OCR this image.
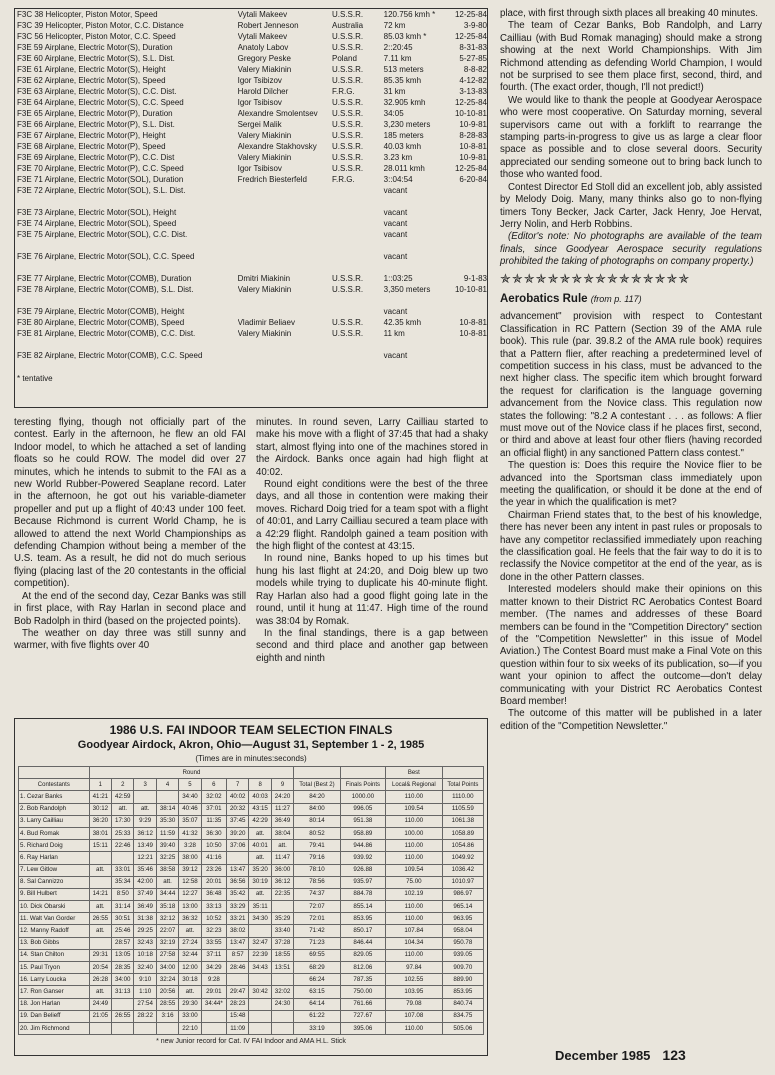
F3C 38 Helicopter, Piston Motor, Speed	Vytali Makeev	U.S.S.R.	120.756 kmh *	12-25-84
F3C 39 Helicopter, Piston Motor, C.C. Distance	Robert Jenneson	Australia	72 km	3-9-80
F3C 56 Helicopter, Piston Motor, C.C. Speed	Vytali Makeev	U.S.S.R.	85.03 kmh *	12-25-84
F3E 59 Airplane, Electric Motor(S), Duration	Anatoly Labov	U.S.S.R.	2::20:45	8-31-83
F3E 60 Airplane, Electric Motor(S), S.L. Dist.	Gregory Peske	Poland	7.11 km	5-27-85
F3E 61 Airplane, Electric Motor(S), Height	Valery Miakinin	U.S.S.R.	513 meters	8-8-82
F3E 62 Airplane, Electric Motor(S), Speed	Igor Tsibizov	U.S.S.R.	85.35 kmh	4-12-82
F3E 63 Airplane, Electric Motor(S), C.C. Dist.	Harold Dilcher	F.R.G.	31 km	3-13-83
F3E 64 Airplane, Electric Motor(S), C.C. Speed	Igor Tsibisov	U.S.S.R.	32.905 kmh	12-25-84
F3E 65 Airplane, Electric Motor(P), Duration	Alexandre Smolentsev	U.S.S.R.	34:05	10-10-81
F3E 66 Airplane, Electric Motor(P), S.L. Dist.	Sergei Malik	U.S.S.R.	3,230 meters	10-9-81
F3E 67 Airplane, Electric Motor(P), Height	Valery Miakinin	U.S.S.R.	185 meters	8-28-83
F3E 68 Airplane, Electric Motor(P), Speed	Alexandre Stakhovsky	U.S.S.R.	40.03 kmh	10-8-81
F3E 69 Airplane, Electric Motor(P), C.C. Dist	Valery Miakinin	U.S.S.R.	3.23 km	10-9-81
F3E 70 Airplane, Electric Motor(P), C.C. Speed	Igor Tsibisov	U.S.S.R.	28.011 kmh	12-25-84
F3E 71 Airplane, Electric Motor(SOL), Duration	Fredrich Biesterfeld	F.R.G.	3::04:54	6-20-84
F3E 72 Airplane, Electric Motor(SOL), S.L. Dist.	vacant
F3E 73 Airplane, Electric Motor(SOL), Height	vacant
F3E 74 Airplane, Electric Motor(SOL), Speed	vacant
F3E 75 Airplane, Electric Motor(SOL), C.C. Dist.	vacant
F3E 76 Airplane, Electric Motor(SOL), C.C. Speed	vacant
F3E 77 Airplane, Electric Motor(COMB), Duration	Dmitri Miakinin	U.S.S.R.	1::03:25	9-1-83
F3E 78 Airplane, Electric Motor(COMB), S.L. Dist.	Valery Miakinin	U.S.S.R.	3,350 meters	10-10-81
F3E 79 Airplane, Electric Motor(COMB), Height	vacant
F3E 80 Airplane, Electric Motor(COMB), Speed	Vladimir Beliaev	U.S.S.R.	42.35 kmh	10-8-81
F3E 81 Airplane, Electric Motor(COMB), C.C. Dist.	Valery Miakinin	U.S.S.R.	11 km	10-8-81
F3E 82 Airplane, Electric Motor(COMB), C.C. Speed	vacant
* tentative

teresting flying, though not officially part of the contest. Early in the afternoon, he flew an old FAI Indoor model, to which he attached a set of landing floats so he could ROW. The model did over 27 minutes, which he intends to submit to the FAI as a new World Rubber-Powered Seaplane record. Later in the afternoon, he got out his variable-diameter propeller and put up a flight of 40:43 under 100 feet. Because Richmond is current World Champ, he is allowed to attend the next World Championships as defending Champion without being a member of the U.S. team. As a result, he did not do much serious flying (placing last of the 20 contestants in the official competition).

At the end of the second day, Cezar Banks was still in first place, with Ray Harlan in second place and Bob Radolph in third (based on the projected points).

The weather on day three was still sunny and warmer, with five flights over 40

minutes. In round seven, Larry Cailliau started to make his move with a flight of 37:45 that had a shaky start, almost flying into one of the machines stored in the Airdock. Banks once again had high flight at 40:02.

Round eight conditions were the best of the three days, and all those in contention were making their moves. Richard Doig tried for a team spot with a flight of 40:01, and Larry Cailliau secured a team place with a 42:29 flight. Randolph gained a team position with the high flight of the contest at 43:15.

In round nine, Banks hoped to up his times but hung his last flight at 24:20, and Doig blew up two models while trying to duplicate his 40-minute flight. Ray Harlan also had a good flight going late in the round, until it hung at 11:47. High time of the round was 38:04 by Romak.

In the final standings, there is a gap between second and third place and another gap between eighth and ninth

place, with first through sixth places all breaking 40 minutes.

The team of Cezar Banks, Bob Randolph, and Larry Cailliau (with Bud Romak managing) should make a strong showing at the next World Championships. With Jim Richmond attending as defending World Champion, I would not be surprised to see them place first, second, third, and fourth. (The exact order, though, I'll not predict!)

We would like to thank the people at Goodyear Aerospace who were most cooperative. On Saturday morning, several supervisors came out with a forklift to rearrange the stamping parts-in-progress to give us as large a clear floor space as possible and to close several doors. Security appreciated our sending someone out to bring back lunch to those who wanted food.

Contest Director Ed Stoll did an excellent job, ably assisted by Melody Doig. Many, many thinks also go to non-flying timers Tony Becker, Jack Carter, Jack Henry, Joe Hervat, Jerry Nolin, and Herb Robbins.

(Editor's note: No photographs are available of the team finals, since Goodyear Aerospace security regulations prohibited the taking of photographs on company property.)

✯✯✯✯✯✯✯✯✯✯✯✯✯✯✯✯
Aerobatics Rule (from p. 117)

advancement" provision with respect to Contestant Classification in RC Pattern (Section 39 of the AMA rule book). This rule (par. 39.8.2 of the AMA rule book) requires that a Pattern flier, after reaching a predetermined level of competition success in his class, must be advanced to the next higher class. The specific item which brought forward the request for clarification is the language governing advancement from the Novice class. This regulation now states the following: "8.2 A contestant . . . as follows: A flier must move out of the Novice class if he places first, second, or third and above at least four other fliers (having recorded an official flight) in any sanctioned Pattern class contest."

The question is: Does this require the Novice flier to be advanced into the Sportsman class immediately upon meeting the qualification, or should it be done at the end of the year in which the qualification is met?

Chairman Friend states that, to the best of his knowledge, there has never been any intent in past rules or proposals to have any competitor reclassified immediately upon reaching the classification goal. He feels that the fair way to do it is to reclassify the Novice competitor at the end of the year, as is done in the other Pattern classes.

Interested modelers should make their opinions on this matter known to their District RC Aerobatics Contest Board member. (The names and addresses of these Board members can be found in the "Competition Directory" section of the "Competition Newsletter" in this issue of Model Aviation.) The Contest Board must make a Final Vote on this question within four to six weeks of its publication, so—if you want your opinion to affect the outcome—don't delay communicating with your District RC Aerobatics Contest Board member!

The outcome of this matter will be published in a later edition of the "Competition Newsletter."

1986 U.S. FAI INDOOR TEAM SELECTION FINALS
Goodyear Airdock, Akron, Ohio—August 31, September 1 - 2, 1985
(Times are in minutes:seconds)
	Round											Best	
Contestants	1	2	3	4	5	6	7	8	9	Total (Best 2)	Finals Points	Local& Regional	Total Points
1. Cezar Banks	41:21	42:59			34:40	32:02	40:02	40:03	24:20	84:20	1000.00	110.00	1110.00
2. Bob Randolph	30:12	att.	att.	38:14	40:46	37:01	20:32	43:15	11:27	84:00	996.05	109.54	1105.59
3. Larry Cailliau	36:20	17:30	9:29	35:30	35:07	11:35	37:45	42:29	36:49	80:14	951.38	110.00	1061.38
4. Bud Romak	38:01	25:33	36:12	11:59	41:32	36:30	39:20	att.	38:04	80:52	958.89	100.00	1058.89
5. Richard Doig	15:11	22:46	13:49	39:40	3:28	10:50	37:06	40:01	att.	79:41	944.86	110.00	1054.86
6. Ray Harlan			12:21	32:25	38:00	41:16		att.	11:47	79:16	939.92	110.00	1049.92
7. Lew Gitlow	att.	33:01	35:46	38:58	39:12	23:26	13:47	35:20	36:00	78:10	926.88	109.54	1036.42
8. Sal Cannizzo		35:34	42:00	att.	12:58	20:01	36:56	30:19	36:12	78:56	935.97	75.00	1010.97
9. Bill Hulbert	14:21	8:50	37:49	34:44	12:27	36:48	35:42	att.	22:35	74:37	884.78	102.19	986.97
10. Dick Obarski	att.	31:14	36:49	35:18	13:00	33:13	33:29	35:11		72:07	855.14	110.00	965.14
11. Walt Van Gorder	26:55	30:51	31:38	32:12	36:32	10:52	33:21	34:30	35:29	72:01	853.95	110.00	963.95
12. Manny Radoff	att.	25:46	29:25	22:07	att.	32:23	38:02		33:40	71:42	850.17	107.84	958.04
13. Bob Gibbs		28:57	32:43	32:19	27:24	33:55	13:47	32:47	37:28	71:23	846.44	104.34	950.78
14. Stan Chilton	29:31	13:05	10:18	27:58	32:44	37:11	8:57	22:39	18:55	69:55	829.05	110.00	939.05
15. Paul Tryon	20:54	28:35	32:40	34:00	12:00	34:29	28:46	34:43	13:51	68:29	812.06	97.84	909.70
16. Larry Loucka	26:28	34:00	9:10	32:24	30:18	9:28				66:24	787.35	102.55	889.90
17. Ron Ganser	att.	31:13	1:10	20:56	att.	29:01	29:47	30:42	32:02	63:15	750.00	103.95	853.95
18. Jon Harlan	24:49		27:54	28:55	29:30	34:44*	28:23		24:30	64:14	761.66	79.08	840.74
19. Dan Belieff	21:05	26:55	28:22	3:16	33:00		15:48			61:22	727.67	107.08	834.75
20. Jim Richmond					22:10		11:09			33:19	395.06	110.00	505.06
* new Junior record for Cat. IV FAI Indoor and AMA H.L. Stick
December 1985 123
